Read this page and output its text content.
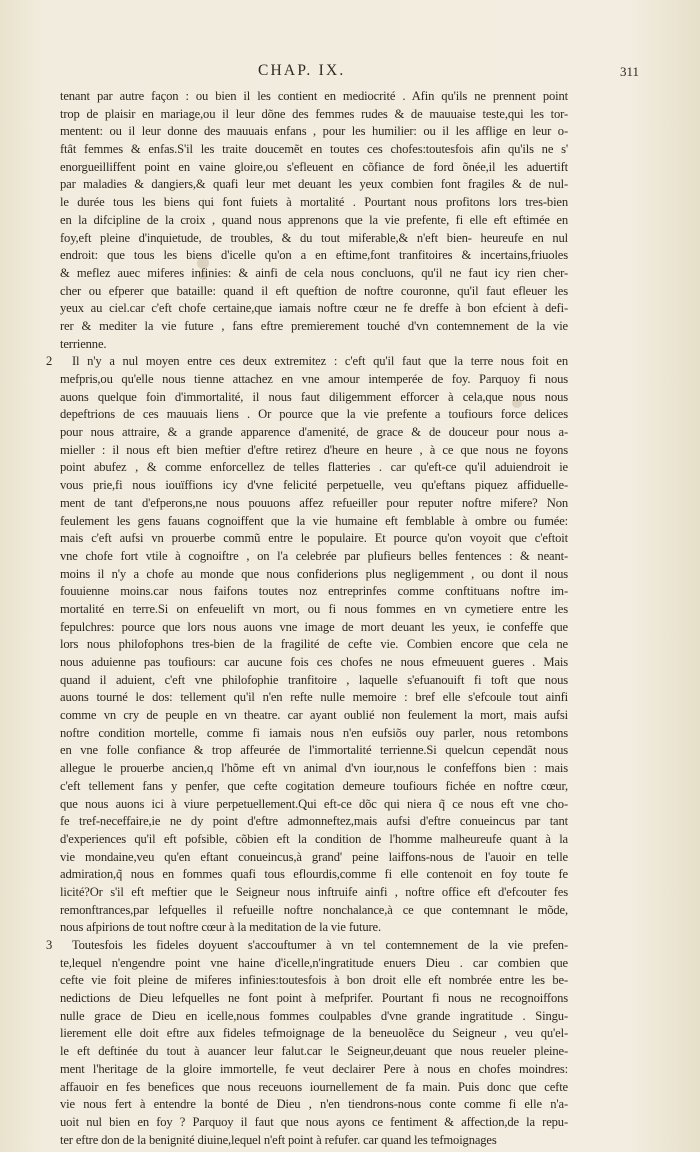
CHAP. IX.	311
tenant par autre façon : ou bien il les contient en mediocrité . Afin qu'ils ne prennent point
trop de plaisir en mariage,ou il leur dõne des femmes rudes & de mauuaise teste,qui les tor-
mentent: ou il leur donne des mauuais enfans , pour les humilier: ou il les afflige en leur o-
ftât femmes & enfas.S'il les traite doucemẽt en toutes ces chofes:toutesfois afin qu'ils ne s'
enorgueilliffent point en vaine gloire,ou s'efleuent en cõfiance de ford õnée,il les aduertift
par maladies & dangiers,& quafi leur met deuant les yeux combien font fragiles & de nul-
le durée tous les biens qui font fuiets à mortalité . Pourtant nous profitons lors tres-bien
en la difcipline de la croix , quand nous apprenons que la vie prefente, fi elle eft eftimée en
foy,eft pleine d'inquietude, de troubles, & du tout miferable,& n'eft bien- heureufe en nul
endroit: que tous les biens d'icelle qu'on a en eftime,font tranfitoires & incertains,friuoles
& meflez auec miferes infinies: & ainfi de cela nous concluons, qu'il ne faut icy rien cher-
cher ou efperer que bataille: quand il eft queftion de noftre couronne, qu'il faut efleuer les
yeux au ciel.car c'eft chofe certaine,que iamais noftre cœur ne fe dreffe à bon efcient à defi-
rer & mediter la vie future , fans eftre premierement touché d'vn contemnement de la vie
terrienne.
2	Il n'y a nul moyen entre ces deux extremitez : c'eft qu'il faut que la terre nous foit en
mefpris,ou qu'elle nous tienne attachez en vne amour intemperée de foy. Parquoy fi nous
auons quelque foin d'immortalité, il nous faut diligemment efforcer à cela,que nous nous
depeftrions de ces mauuais liens . Or pource que la vie prefente a toufiours force delices
pour nous attraire, & a grande apparence d'amenité, de grace & de douceur pour nous a-
mieller : il nous eft bien meftier d'eftre retirez d'heure en heure , à ce que nous ne foyons
point abufez , & comme enforcellez de telles flatteries . car qu'eft-ce qu'il aduiendroit ie
vous prie,fi nous iouïffions icy d'vne felicité perpetuelle, veu qu'eftans piquez affiduelle-
ment de tant d'efperons,ne nous pouuons affez refueiller pour reputer noftre mifere? Non
feulement les gens fauans cognoiffent que la vie humaine eft femblable à ombre ou fumée:
mais c'eft aufsi vn prouerbe commũ entre le populaire. Et pource qu'on voyoit que c'eftoit
vne chofe fort vtile à cognoiftre , on l'a celebrée par plufieurs belles fentences : & neant-
moins il n'y a chofe au monde que nous confiderions plus negligemment , ou dont il nous
fouuienne moins.car nous faifons toutes noz entreprinfes comme conftituans noftre im-
mortalité en terre.Si on enfeuelift vn mort, ou fi nous fommes en vn cymetiere entre les
fepulchres: pource que lors nous auons vne image de mort deuant les yeux, ie confeffe que
lors nous philofophons tres-bien de la fragilité de cefte vie. Combien encore que cela ne
nous aduienne pas toufiours: car aucune fois ces chofes ne nous efmeuuent gueres . Mais
quand il aduient, c'eft vne philofophie tranfitoire , laquelle s'efuanouift fi toft que nous
auons tourné le dos: tellement qu'il n'en refte nulle memoire : bref elle s'efcoule tout ainfi
comme vn cry de peuple en vn theatre. car ayant oublié non feulement la mort, mais aufsi
noftre condition mortelle, comme fi iamais nous n'en eufsiõs ouy parler, nous retombons
en vne folle confiance & trop affeurée de l'immortalité terrienne.Si quelcun cependãt nous
allegue le prouerbe ancien,q l'hõme eft vn animal d'vn iour,nous le confeffons bien : mais
c'eft tellement fans y penfer, que cefte cogitation demeure toufiours fichée en noftre cœur,
que nous auons ici à viure perpetuellement.Qui eft-ce dõc qui niera q̃ ce nous eft vne cho-
fe tref-neceffaire,ie ne dy point d'eftre admonneftez,mais aufsi d'eftre conueincus par tant
d'experiences qu'il eft pofsible, cõbien eft la condition de l'homme malheureufe quant à la
vie mondaine,veu qu'en eftant conueincus,à grand' peine laiffons-nous de l'auoir en telle
admiration,q̃ nous en fommes quafi tous eflourdis,comme fi elle contenoit en foy toute fe
licité?Or s'il eft meftier que le Seigneur nous inftruife ainfi , noftre office eft d'efcouter fes
remonftrances,par lefquelles il refueille noftre nonchalance,à ce que contemnant le mõde,
nous afpirions de tout noftre cœur à la meditation de la vie future.
3	Toutesfois les fideles doyuent s'accouftumer à vn tel contemnement de la vie prefen-
te,lequel n'engendre point vne haine d'icelle,n'ingratitude enuers Dieu . car combien que
cefte vie foit pleine de miferes infinies:toutesfois à bon droit elle eft nombrée entre les be-
nedictions de Dieu lefquelles ne font point à mefprifer. Pourtant fi nous ne recognoiffons
nulle grace de Dieu en icelle,nous fommes coulpables d'vne grande ingratitude . Singu-
lierement elle doit eftre aux fideles tefmoignage de la beneuolẽce du Seigneur , veu qu'el-
le eft deftinée du tout à auancer leur falut.car le Seigneur,deuant que nous reueler pleine-
ment l'heritage de la gloire immortelle, fe veut declairer Pere à nous en chofes moindres:
affauoir en fes benefices que nous receuons iournellement de fa main. Puis donc que cefte
vie nous fert à entendre la bonté de Dieu , n'en tiendrons-nous conte comme fi elle n'a-
uoit nul bien en foy ? Parquoy il faut que nous ayons ce fentiment & affection,de la repu-
ter eftre don de la benignité diuine,lequel n'eft point à refufer. car quand les tefmoignages
